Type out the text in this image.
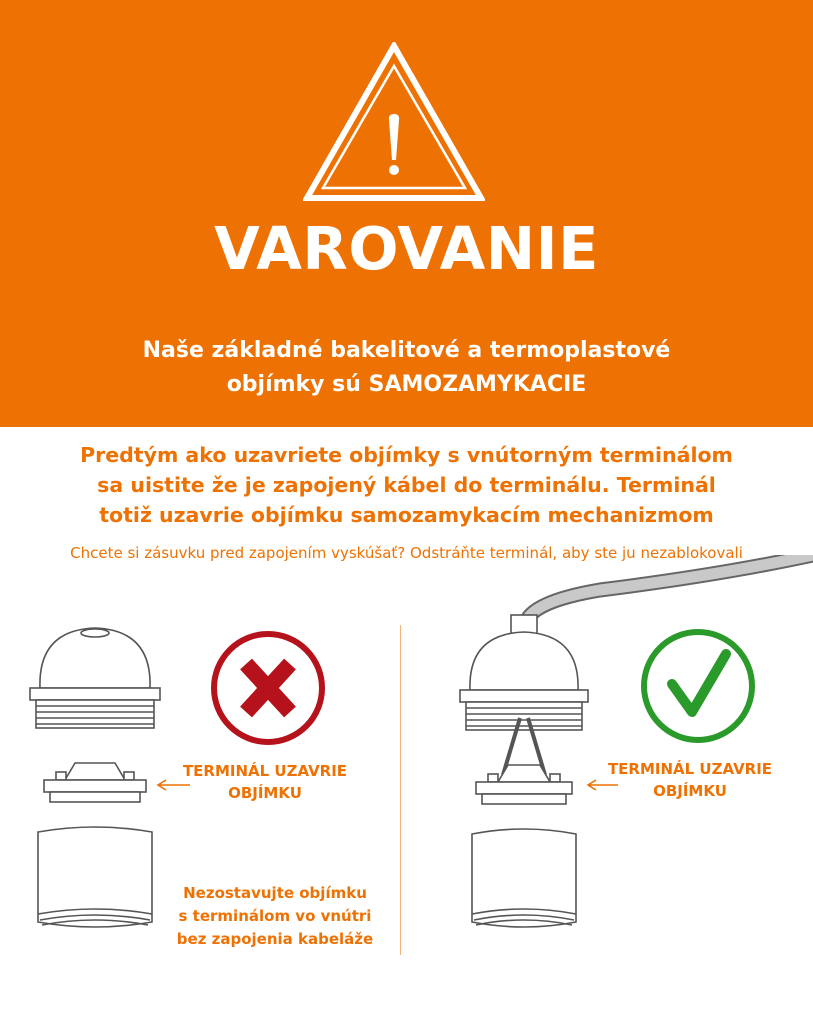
VAROVANIE
Naše základné bakelitové a termoplastové
objímky sú SAMOZAMYKACIE
Predtým ako uzavriete objímky s vnútorným terminálom
sa uistite že je zapojený kábel do terminálu. Terminál
totiž uzavrie objímku samozamykacím mechanizmom
Chcete si zásuvku pred zapojením vyskúšať? Odstráňte terminál, aby ste ju nezablokovali
TERMINÁL UZAVRIE
OBJÍMKU
TERMINÁL UZAVRIE
OBJÍMKU
Nezostavujte objímku
s terminálom vo vnútri
bez zapojenia kabeláže
